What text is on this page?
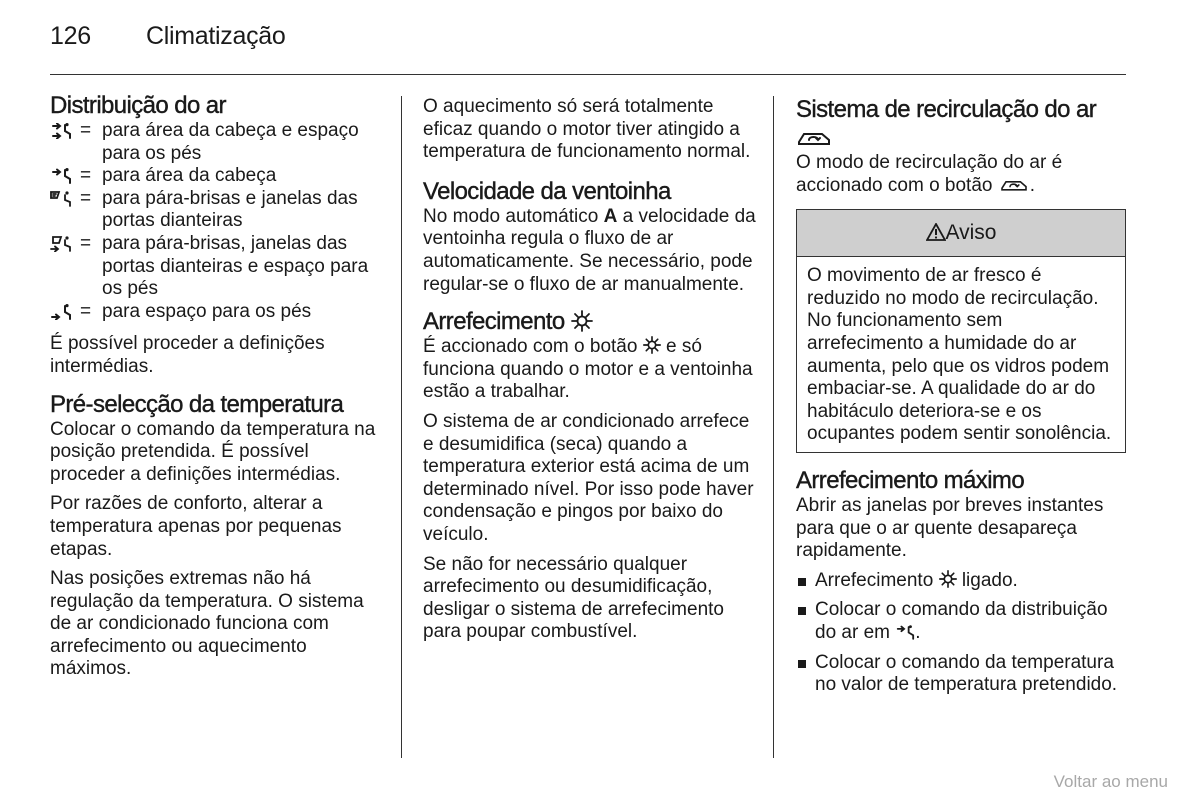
126 Climatização
Distribuição do ar
= para área da cabeça e espaço para os pés
= para área da cabeça
= para pára-brisas e janelas das portas dianteiras
= para pára-brisas, janelas das portas dianteiras e espaço para os pés
= para espaço para os pés

É possível proceder a definições intermédias.

Pré-selecção da temperatura

Colocar o comando da temperatura na posição pretendida. É possível proceder a definições intermédias.

Por razões de conforto, alterar a temperatura apenas por pequenas etapas.

Nas posições extremas não há regulação da temperatura. O sistema de ar condicionado funciona com arrefecimento ou aquecimento máximos.

O aquecimento só será totalmente eficaz quando o motor tiver atingido a temperatura de funcionamento normal.

Velocidade da ventoinha

No modo automático A a velocidade da ventoinha regula o fluxo de ar automaticamente. Se necessário, pode regular-se o fluxo de ar manualmente.

Arrefecimento

É accionado com o botão  e só funciona quando o motor e a ventoinha estão a trabalhar.

O sistema de ar condicionado arrefece e desumidifica (seca) quando a temperatura exterior está acima de um determinado nível. Por isso pode haver condensação e pingos por baixo do veículo.

Se não for necessário qualquer arrefecimento ou desumidificação, desligar o sistema de arrefecimento para poupar combustível.

Sistema de recirculação do ar

O modo de recirculação do ar é accionado com o botão .

Aviso
O movimento de ar fresco é reduzido no modo de recirculação. No funcionamento sem arrefecimento a humidade do ar aumenta, pelo que os vidros podem embaciar-se. A qualidade do ar do habitáculo deteriora-se e os ocupantes podem sentir sonolência.
Arrefecimento máximo

Abrir as janelas por breves instantes para que o ar quente desapareça rapidamente.

Arrefecimento  ligado.
Colocar o comando da distribuição do ar em .
Colocar o comando da temperatura no valor de temperatura pretendido.
Voltar ao menu
